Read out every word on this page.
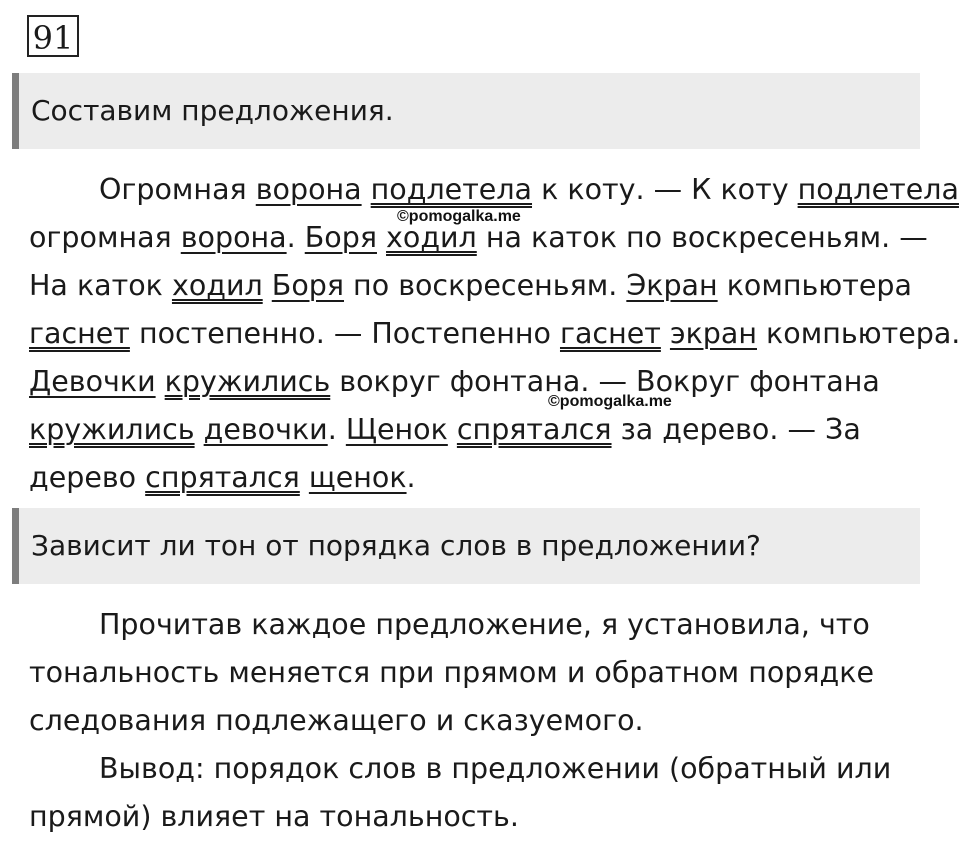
91
Составим предложения.
Огромная ворона подлетела к коту. — К коту подлетела
огромная ворона. Боря ходил на каток по воскресеньям. —
На каток ходил Боря по воскресеньям. Экран компьютера
гаснет постепенно. — Постепенно гаснет экран компьютера.
Девочки кружились вокруг фонтана. — Вокруг фонтана
кружились девочки. Щенок спрятался за дерево. — За
дерево спрятался щенок.
Зависит ли тон от порядка слов в предложении?
Прочитав каждое предложение, я установила, что
тональность меняется при прямом и обратном порядке
следования подлежащего и сказуемого.
Вывод: порядок слов в предложении (обратный или
прямой) влияет на тональность.
©pomogalka.me
©pomogalka.me
